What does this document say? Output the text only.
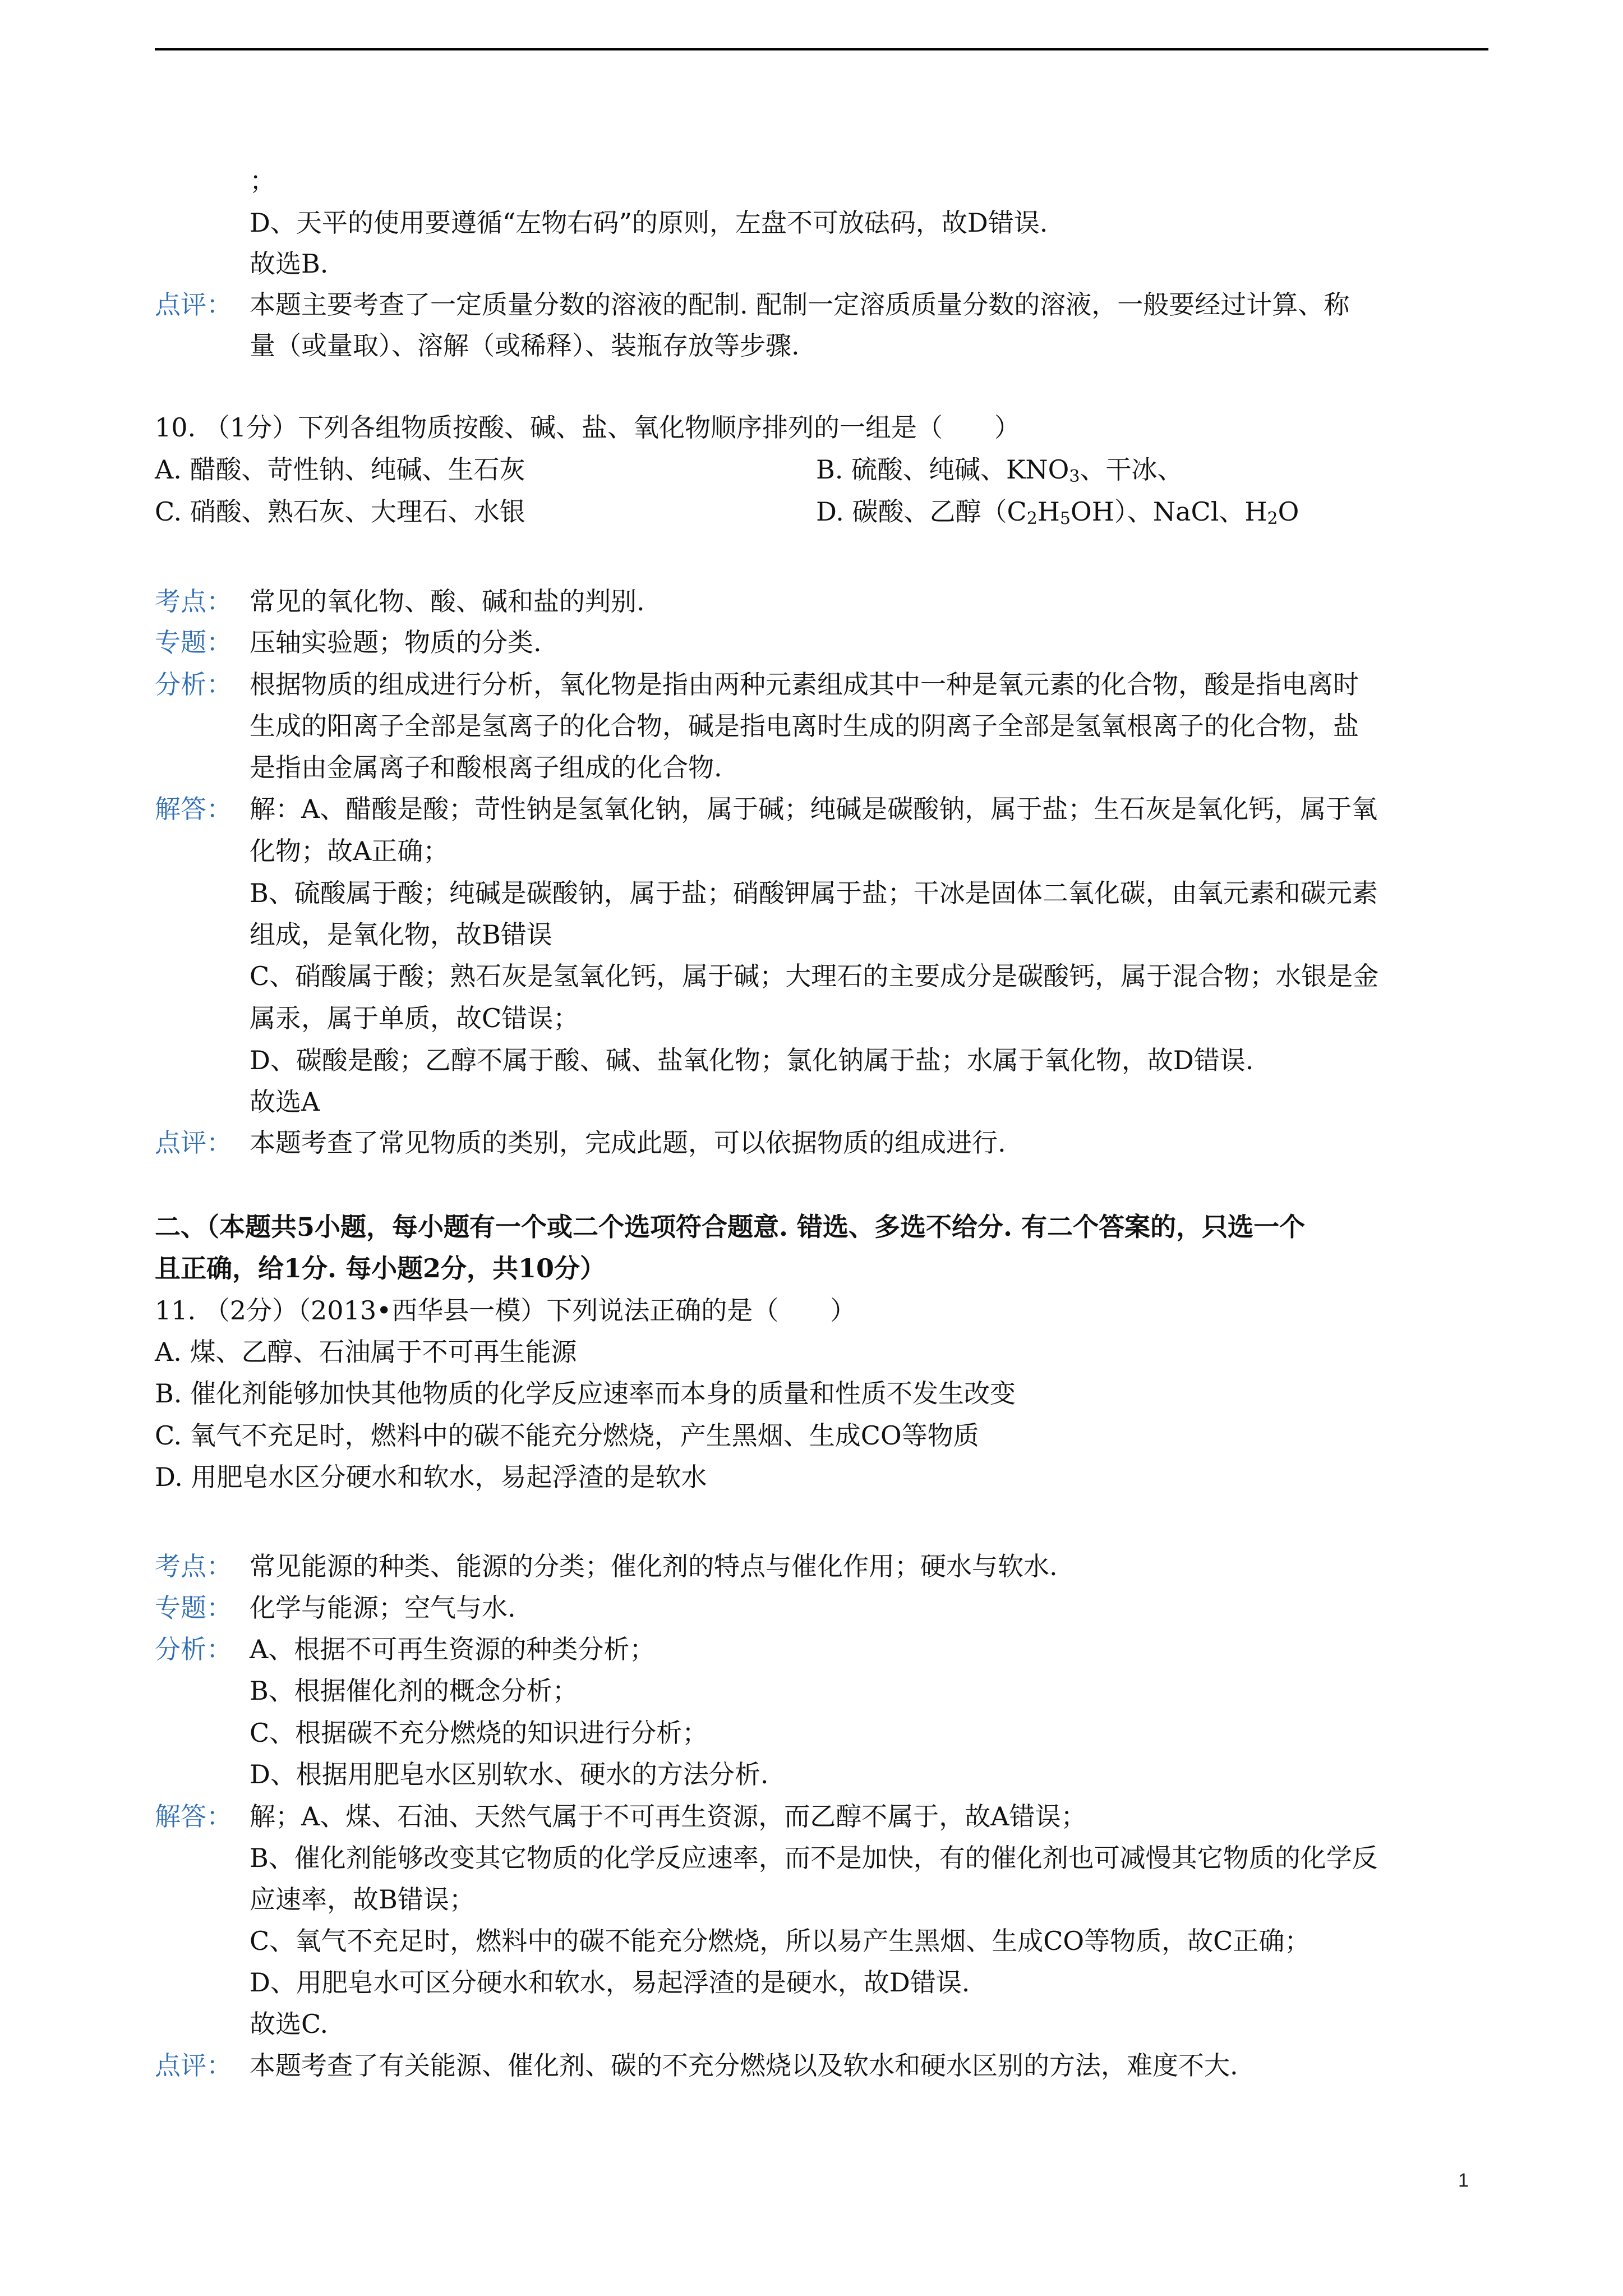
；
D、天平的使用要遵循“左物右码”的原则，左盘不可放砝码，故D错误.
故选B.
点评： 本题主要考查了一定质量分数的溶液的配制. 配制一定溶质质量分数的溶液，一般要经过计算、称
量（或量取）、溶解（或稀释）、装瓶存放等步骤.
10. （1分）下列各组物质按酸、碱、盐、氧化物顺序排列的一组是（　　）
A. 醋酸、苛性钠、纯碱、生石灰	B. 硫酸、纯碱、$KNO_3$、干冰、
C. 硝酸、熟石灰、大理石、水银	D. 碳酸、乙醇$(C_2H_5OH)$、NaCl、$H_2O$
考点： 常见的氧化物、酸、碱和盐的判别.
专题： 压轴实验题；物质的分类.
分析： 根据物质的组成进行分析，氧化物是指由两种元素组成其中一种是氧元素的化合物，酸是指电离时
生成的阳离子全部是氢离子的化合物，碱是指电离时生成的阴离子全部是氢氧根离子的化合物，盐
是指由金属离子和酸根离子组成的化合物.
解答： 解：A、醋酸是酸；苛性钠是氢氧化钠，属于碱；纯碱是碳酸钠，属于盐；生石灰是氧化钙，属于氧
化物；故A正确；
B、硫酸属于酸；纯碱是碳酸钠，属于盐；硝酸钾属于盐；干冰是固体二氧化碳，由氧元素和碳元素
组成，是氧化物，故B错误
C、硝酸属于酸；熟石灰是氢氧化钙，属于碱；大理石的主要成分是碳酸钙，属于混合物；水银是金
属汞，属于单质，故C错误；
D、碳酸是酸；乙醇不属于酸、碱、盐氧化物；氯化钠属于盐；水属于氧化物，故D错误.
故选A
点评： 本题考查了常见物质的类别，完成此题，可以依据物质的组成进行.
二、（本题共5小题，每小题有一个或二个选项符合题意. 错选、多选不给分. 有二个答案的，只选一个
且正确，给1分. 每小题2分，共10分）
11. （2分）（2013•西华县一模）下列说法正确的是（　　）
A. 煤、乙醇、石油属于不可再生能源
B. 催化剂能够加快其他物质的化学反应速率而本身的质量和性质不发生改变
C. 氧气不充足时，燃料中的碳不能充分燃烧，产生黑烟、生成CO等物质
D. 用肥皂水区分硬水和软水，易起浮渣的是软水
考点： 常见能源的种类、能源的分类；催化剂的特点与催化作用；硬水与软水.
专题： 化学与能源；空气与水.
分析： A、根据不可再生资源的种类分析；
B、根据催化剂的概念分析；
C、根据碳不充分燃烧的知识进行分析；
D、根据用肥皂水区别软水、硬水的方法分析.
解答： 解；A、煤、石油、天然气属于不可再生资源，而乙醇不属于，故A错误；
B、催化剂能够改变其它物质的化学反应速率，而不是加快，有的催化剂也可减慢其它物质的化学反
应速率，故B错误；
C、氧气不充足时，燃料中的碳不能充分燃烧，所以易产生黑烟、生成CO等物质，故C正确；
D、用肥皂水可区分硬水和软水，易起浮渣的是硬水，故D错误.
故选C.
点评： 本题考查了有关能源、催化剂、碳的不充分燃烧以及软水和硬水区别的方法，难度不大.
1
